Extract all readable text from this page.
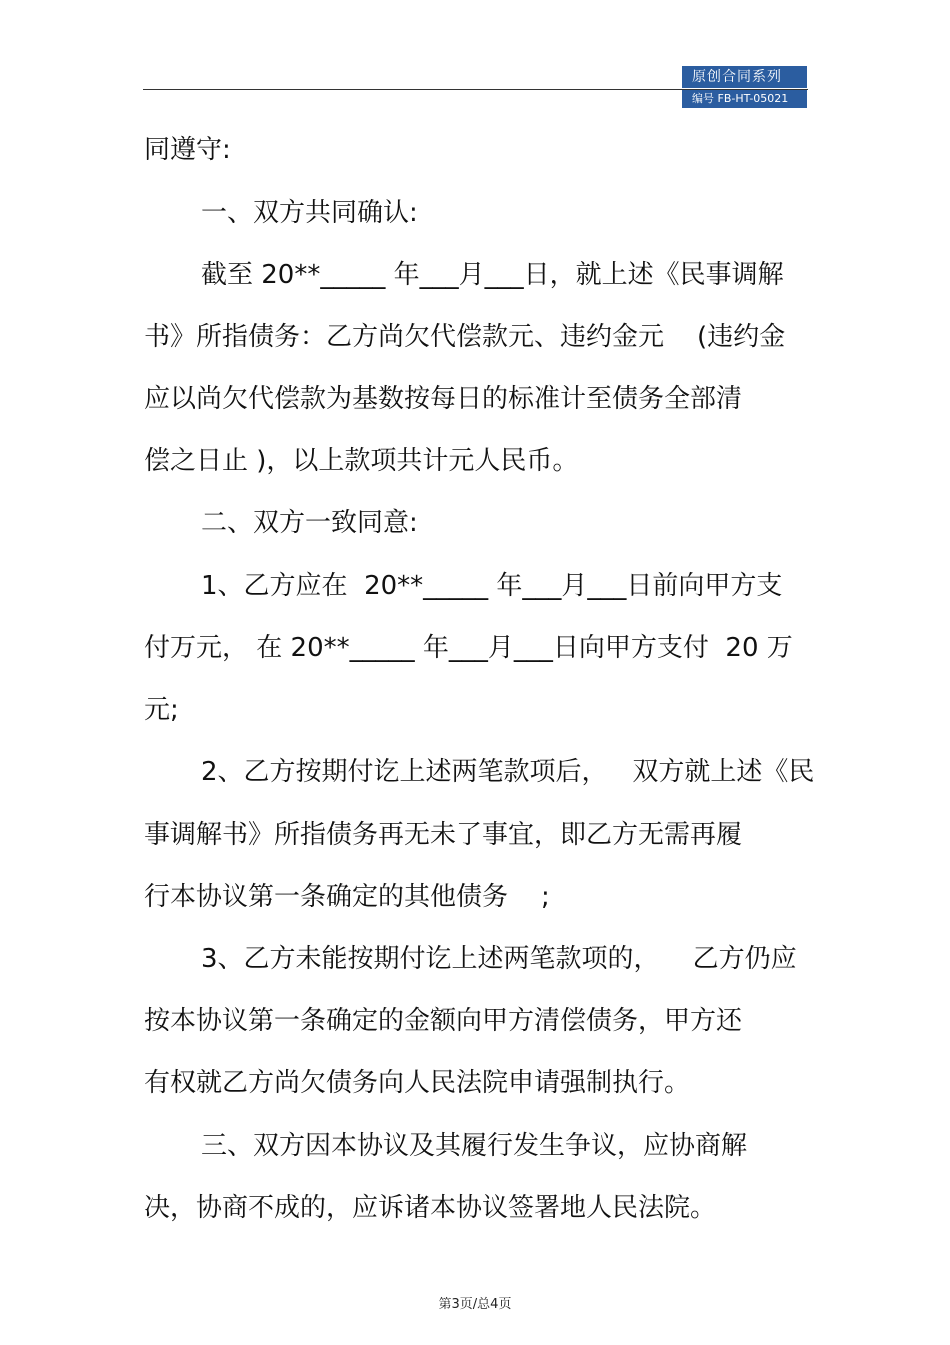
原创合同系列
编号 FB-HT-05021
同遵守:
一、双方共同确认:
截至 20**_____ 年___月___日，就上述《民事调解
书》所指债务：乙方尚欠代偿款元、违约金元    (违约金
应以尚欠代偿款为基数按每日的标准计至债务全部清
偿之日止 )，以上款项共计元人民币。
二、双方一致同意:
1、乙方应在  20**_____ 年___月___日前向甲方支
付万元， 在 20**_____ 年___月___日向甲方支付  20 万
元;
2、乙方按期付讫上述两笔款项后，   双方就上述《民
事调解书》所指债务再无未了事宜，即乙方无需再履
行本协议第一条确定的其他债务    ;
3、乙方未能按期付讫上述两笔款项的，    乙方仍应
按本协议第一条确定的金额向甲方清偿债务，甲方还
有权就乙方尚欠债务向人民法院申请强制执行。
三、双方因本协议及其履行发生争议，应协商解
决，协商不成的，应诉诸本协议签署地人民法院。
第3页/总4页
